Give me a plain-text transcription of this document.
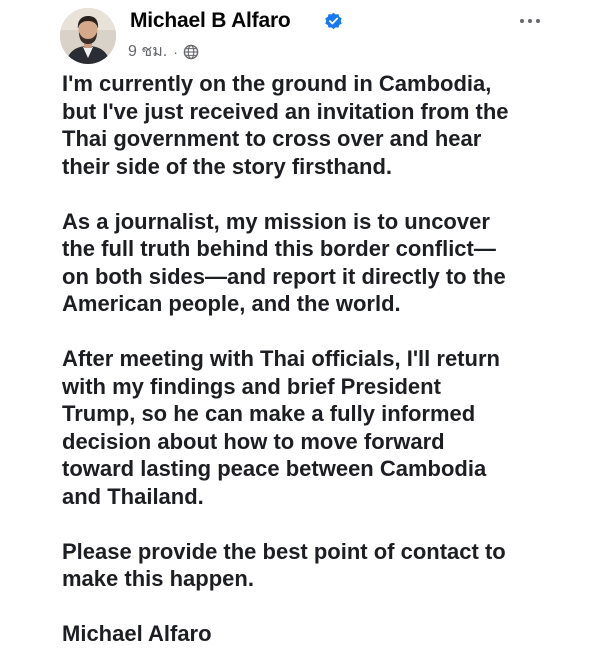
Michael B Alfaro
9 ชม. ·

I'm currently on the ground in Cambodia,
but I've just received an invitation from the
Thai government to cross over and hear
their side of the story firsthand.

As a journalist, my mission is to uncover
the full truth behind this border conflict—
on both sides—and report it directly to the
American people, and the world.

After meeting with Thai officials, I'll return
with my findings and brief President
Trump, so he can make a fully informed
decision about how to move forward
toward lasting peace between Cambodia
and Thailand.

Please provide the best point of contact to
make this happen.

Michael Alfaro
